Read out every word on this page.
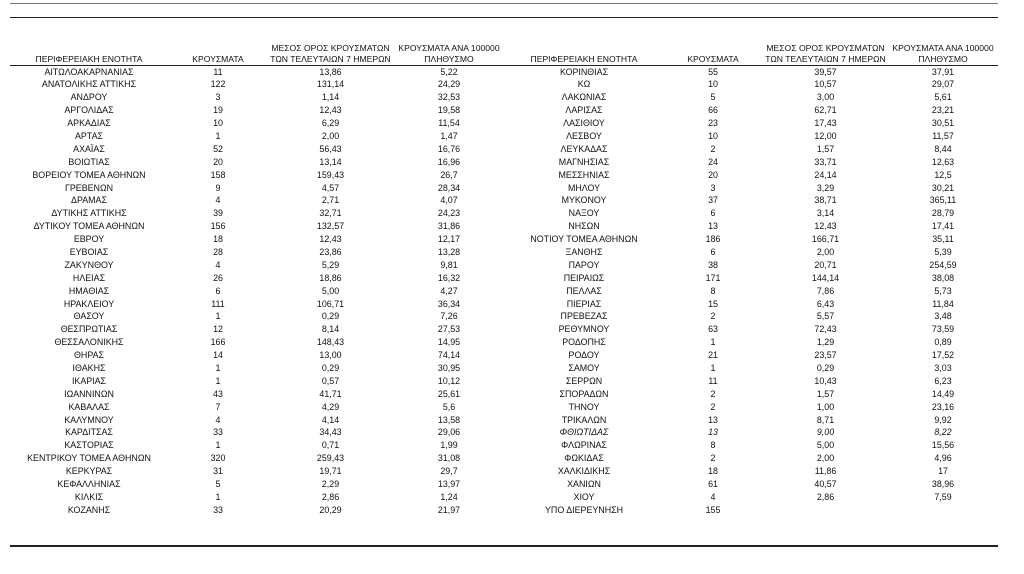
ΠΕΡΙΦΕΡΕΙΑΚΗ ΕΝΟΤΗΤΑ	ΚΡΟΥΣΜΑΤΑ	ΜΕΣΟΣ ΟΡΟΣ ΚΡΟΥΣΜΑΤΩΝ ΤΩΝ ΤΕΛΕΥΤΑΙΩΝ 7 ΗΜΕΡΩΝ	ΚΡΟΥΣΜΑΤΑ ΑΝΑ 100000 ΠΛΗΘΥΣΜΟ	ΠΕΡΙΦΕΡΕΙΑΚΗ ΕΝΟΤΗΤΑ	ΚΡΟΥΣΜΑΤΑ	ΜΕΣΟΣ ΟΡΟΣ ΚΡΟΥΣΜΑΤΩΝ ΤΩΝ ΤΕΛΕΥΤΑΙΩΝ 7 ΗΜΕΡΩΝ	ΚΡΟΥΣΜΑΤΑ ΑΝΑ 100000 ΠΛΗΘΥΣΜΟ
ΑΙΤΩΛΟΑΚΑΡΝΑΝΙΑΣ	11	13,86	5,22	ΚΟΡΙΝΘΙΑΣ	55	39,57	37,91
ΑΝΑΤΟΛΙΚΗΣ ΑΤΤΙΚΗΣ	122	131,14	24,29	ΚΩ	10	10,57	29,07
ΑΝΔΡΟΥ	3	1,14	32,53	ΛΑΚΩΝΙΑΣ	5	3,00	5,61
ΑΡΓΟΛΙΔΑΣ	19	12,43	19,58	ΛΑΡΙΣΑΣ	66	62,71	23,21
ΑΡΚΑΔΙΑΣ	10	6,29	11,54	ΛΑΣΙΘΙΟΥ	23	17,43	30,51
ΑΡΤΑΣ	1	2,00	1,47	ΛΕΣΒΟΥ	10	12,00	11,57
ΑΧΑΪΑΣ	52	56,43	16,76	ΛΕΥΚΑΔΑΣ	2	1,57	8,44
ΒΟΙΩΤΙΑΣ	20	13,14	16,96	ΜΑΓΝΗΣΙΑΣ	24	33,71	12,63
ΒΟΡΕΙΟΥ ΤΟΜΕΑ ΑΘΗΝΩΝ	158	159,43	26,7	ΜΕΣΣΗΝΙΑΣ	20	24,14	12,5
ΓΡΕΒΕΝΩΝ	9	4,57	28,34	ΜΗΛΟΥ	3	3,29	30,21
ΔΡΑΜΑΣ	4	2,71	4,07	ΜΥΚΟΝΟΥ	37	38,71	365,11
ΔΥΤΙΚΗΣ ΑΤΤΙΚΗΣ	39	32,71	24,23	ΝΑΞΟΥ	6	3,14	28,79
ΔΥΤΙΚΟΥ ΤΟΜΕΑ ΑΘΗΝΩΝ	156	132,57	31,86	ΝΗΣΩΝ	13	12,43	17,41
ΕΒΡΟΥ	18	12,43	12,17	ΝΟΤΙΟΥ ΤΟΜΕΑ ΑΘΗΝΩΝ	186	166,71	35,11
ΕΥΒΟΙΑΣ	28	23,86	13,28	ΞΑΝΘΗΣ	6	2,00	5,39
ΖΑΚΥΝΘΟΥ	4	5,29	9,81	ΠΑΡΟΥ	38	20,71	254,59
ΗΛΕΙΑΣ	26	18,86	16,32	ΠΕΙΡΑΙΩΣ	171	144,14	38,08
ΗΜΑΘΙΑΣ	6	5,00	4,27	ΠΕΛΛΑΣ	8	7,86	5,73
ΗΡΑΚΛΕΙΟΥ	111	106,71	36,34	ΠΙΕΡΙΑΣ	15	6,43	11,84
ΘΑΣΟΥ	1	0,29	7,26	ΠΡΕΒΕΖΑΣ	2	5,57	3,48
ΘΕΣΠΡΩΤΙΑΣ	12	8,14	27,53	ΡΕΘΥΜΝΟΥ	63	72,43	73,59
ΘΕΣΣΑΛΟΝΙΚΗΣ	166	148,43	14,95	ΡΟΔΟΠΗΣ	1	1,29	0,89
ΘΗΡΑΣ	14	13,00	74,14	ΡΟΔΟΥ	21	23,57	17,52
ΙΘΑΚΗΣ	1	0,29	30,95	ΣΑΜΟΥ	1	0,29	3,03
ΙΚΑΡΙΑΣ	1	0,57	10,12	ΣΕΡΡΩΝ	11	10,43	6,23
ΙΩΑΝΝΙΝΩΝ	43	41,71	25,61	ΣΠΟΡΑΔΩΝ	2	1,57	14,49
ΚΑΒΑΛΑΣ	7	4,29	5,6	ΤΗΝΟΥ	2	1,00	23,16
ΚΑΛΥΜΝΟΥ	4	4,14	13,58	ΤΡΙΚΑΛΩΝ	13	8,71	9,92
ΚΑΡΔΙΤΣΑΣ	33	34,43	29,06	ΦΘΙΩΤΙΔΑΣ	13	9,00	8,22
ΚΑΣΤΟΡΙΑΣ	1	0,71	1,99	ΦΛΩΡΙΝΑΣ	8	5,00	15,56
ΚΕΝΤΡΙΚΟΥ ΤΟΜΕΑ ΑΘΗΝΩΝ	320	259,43	31,08	ΦΩΚΙΔΑΣ	2	2,00	4,96
ΚΕΡΚΥΡΑΣ	31	19,71	29,7	ΧΑΛΚΙΔΙΚΗΣ	18	11,86	17
ΚΕΦΑΛΛΗΝΙΑΣ	5	2,29	13,97	ΧΑΝΙΩΝ	61	40,57	38,96
ΚΙΛΚΙΣ	1	2,86	1,24	ΧΙΟΥ	4	2,86	7,59
ΚΟΖΑΝΗΣ	33	20,29	21,97	ΥΠΟ ΔΙΕΡΕΥΝΗΣΗ	155		
